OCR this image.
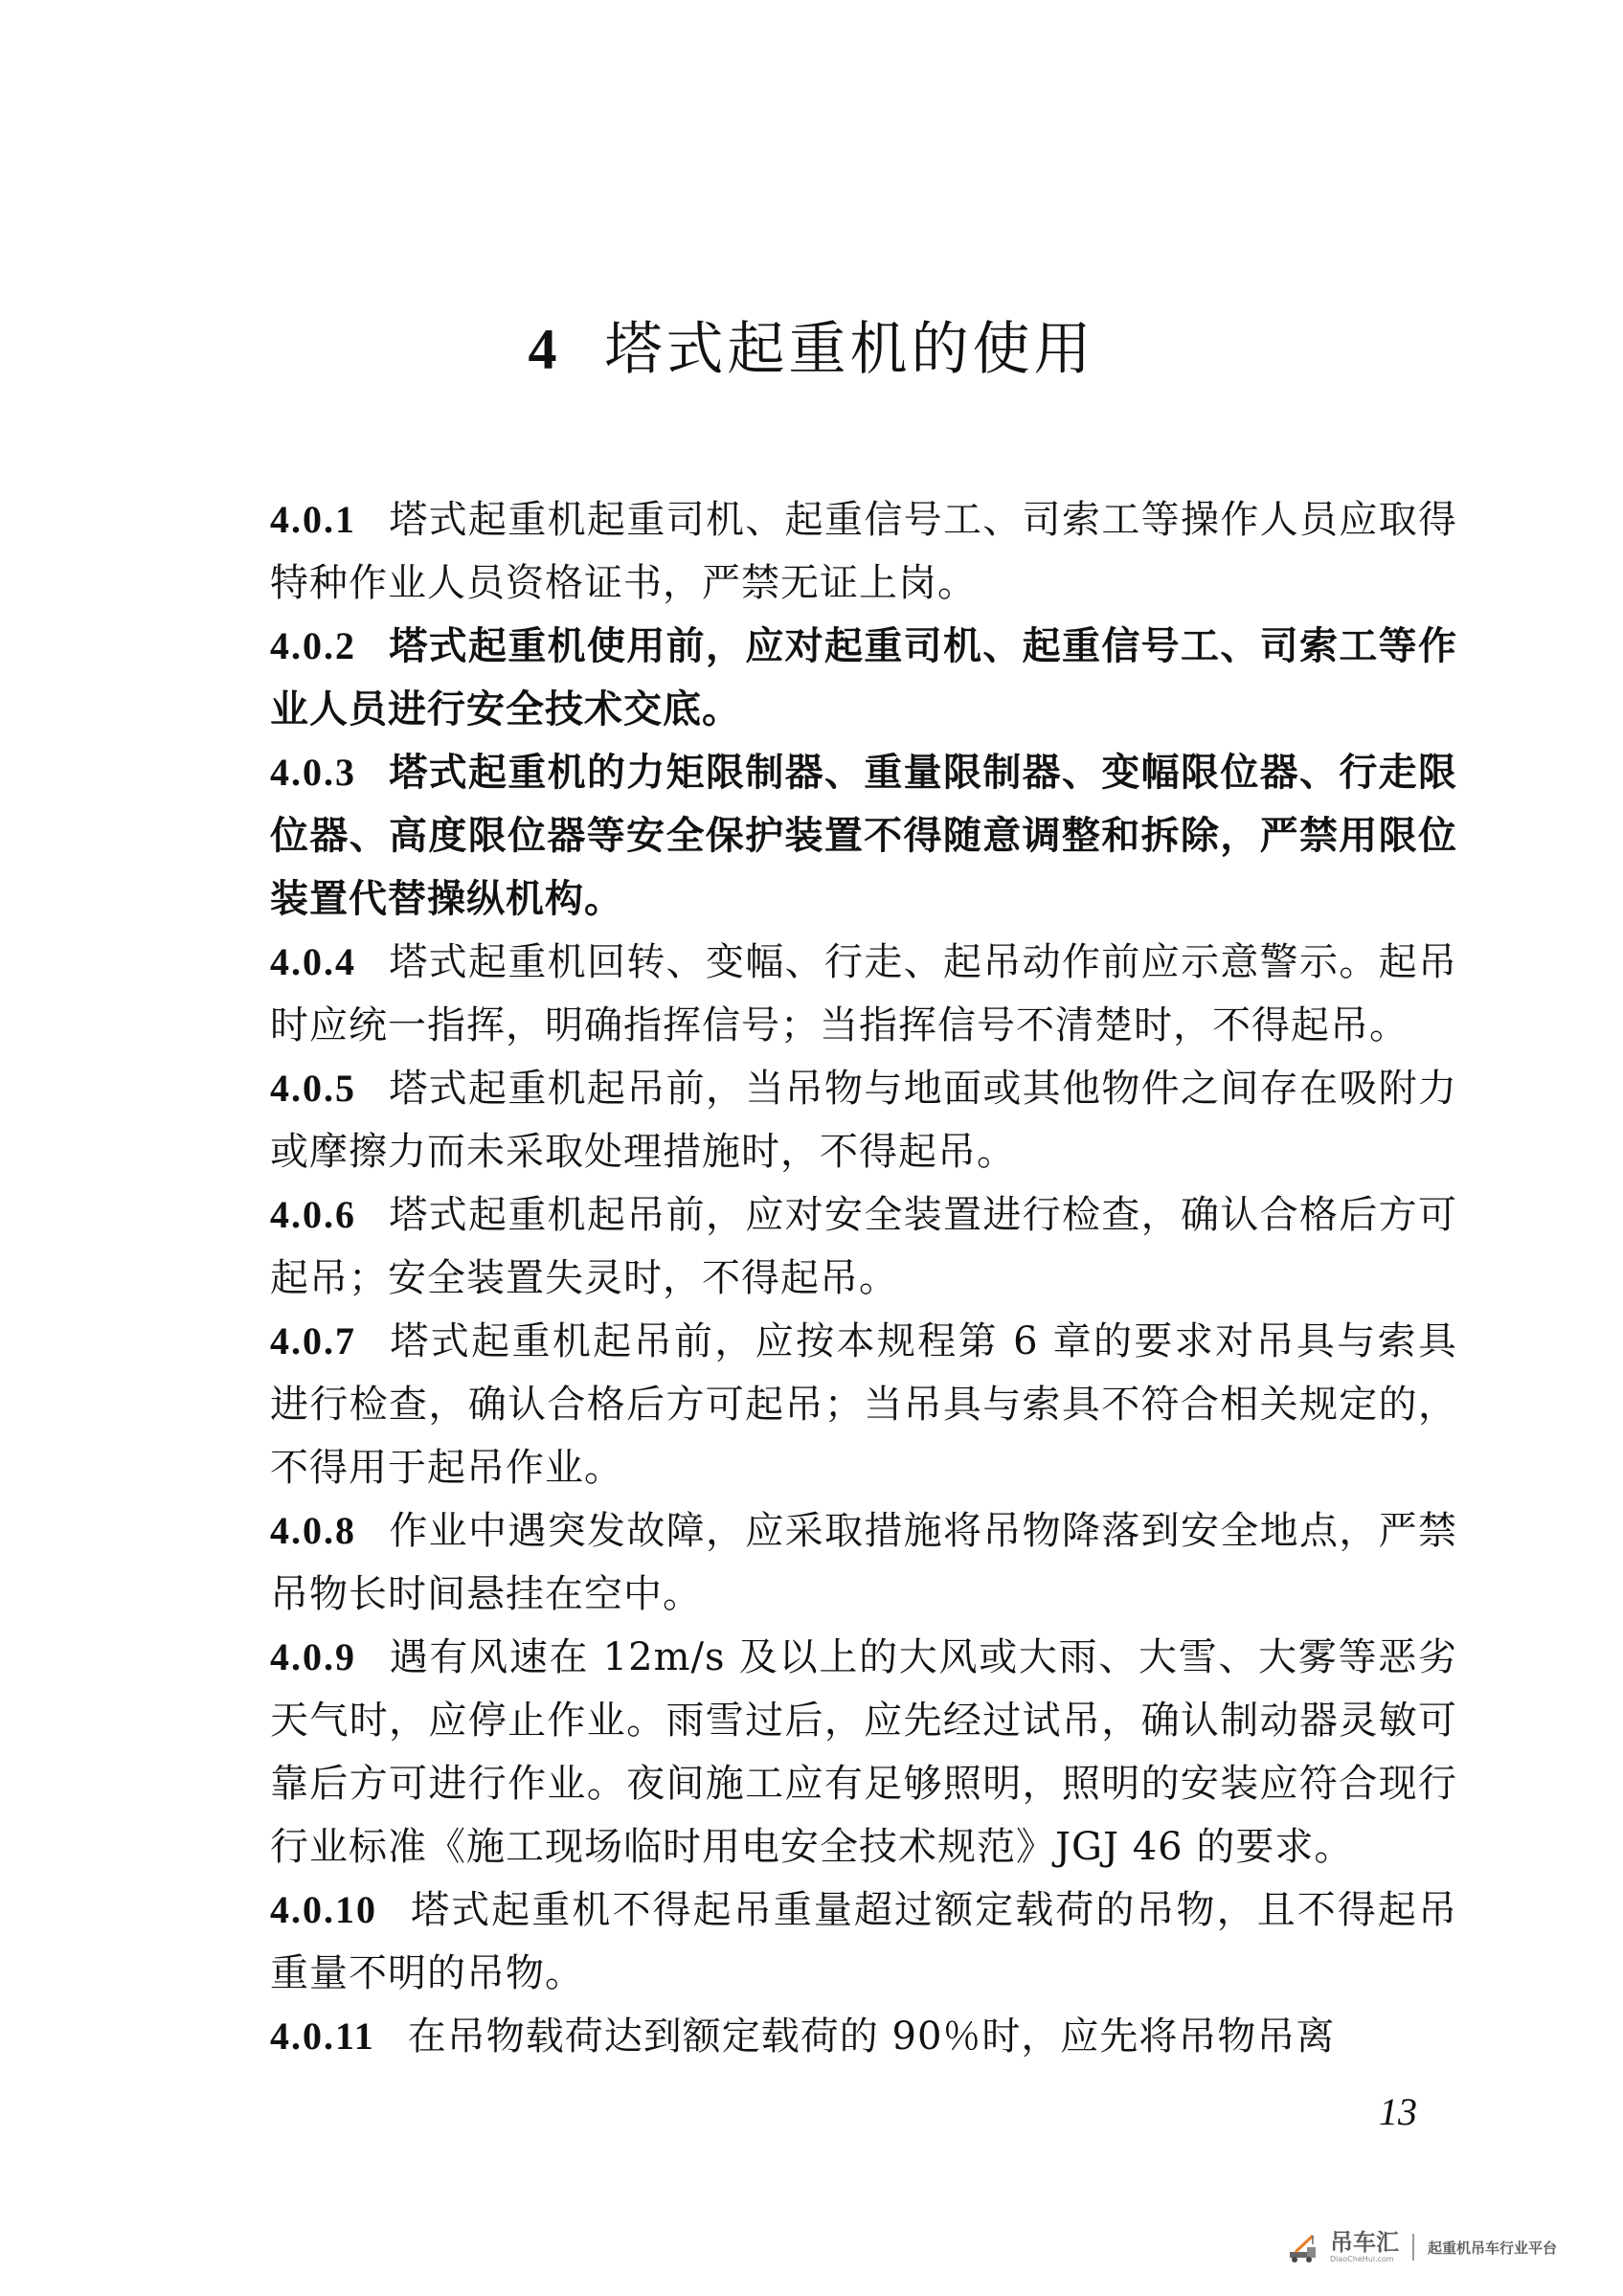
4 塔式起重机的使用

4.0.1 塔式起重机起重司机、起重信号工、司索工等操作人员应取得特种作业人员资格证书，严禁无证上岗。

4.0.2 塔式起重机使用前，应对起重司机、起重信号工、司索工等作业人员进行安全技术交底。

4.0.3 塔式起重机的力矩限制器、重量限制器、变幅限位器、行走限位器、高度限位器等安全保护装置不得随意调整和拆除，严禁用限位装置代替操纵机构。

4.0.4 塔式起重机回转、变幅、行走、起吊动作前应示意警示。起吊时应统一指挥，明确指挥信号；当指挥信号不清楚时，不得起吊。

4.0.5 塔式起重机起吊前，当吊物与地面或其他物件之间存在吸附力或摩擦力而未采取处理措施时，不得起吊。

4.0.6 塔式起重机起吊前，应对安全装置进行检查，确认合格后方可起吊；安全装置失灵时，不得起吊。

4.0.7 塔式起重机起吊前，应按本规程第 6 章的要求对吊具与索具进行检查，确认合格后方可起吊；当吊具与索具不符合相关规定的，不得用于起吊作业。

4.0.8 作业中遇突发故障，应采取措施将吊物降落到安全地点，严禁吊物长时间悬挂在空中。

4.0.9 遇有风速在 12m/s 及以上的大风或大雨、大雪、大雾等恶劣天气时，应停止作业。雨雪过后，应先经过试吊，确认制动器灵敏可靠后方可进行作业。夜间施工应有足够照明，照明的安装应符合现行行业标准《施工现场临时用电安全技术规范》JGJ 46 的要求。

4.0.10 塔式起重机不得起吊重量超过额定载荷的吊物，且不得起吊重量不明的吊物。

4.0.11 在吊物载荷达到额定载荷的 90％时，应先将吊物吊离

13
吊车汇
DiaoCheHui.com
起重机吊车行业平台
